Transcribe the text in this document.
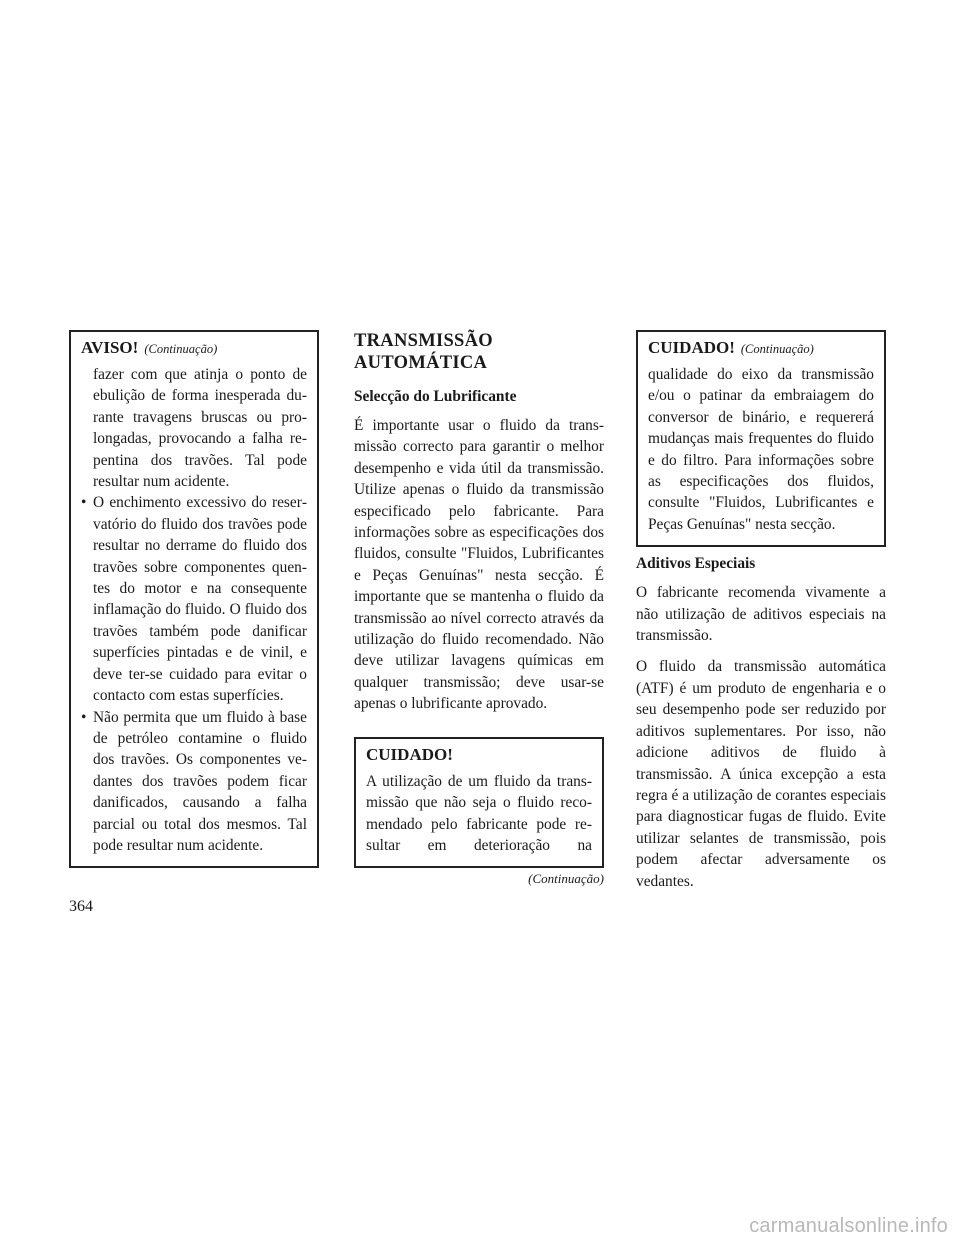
AVISO! (Continuação)

fazer com que atinja o ponto de ebulição de forma inesperada durante travagens bruscas ou prolongadas, provocando a falha repentina dos travões. Tal pode resultar num acidente.

• O enchimento excessivo do reservatório do fluido dos travões pode resultar no derrame do fluido dos travões sobre componentes quentes do motor e na consequente inflamação do fluido. O fluido dos travões também pode danificar superfícies pintadas e de vinil, e deve ter-se cuidado para evitar o contacto com estas superfícies.
• Não permita que um fluido à base de petróleo contamine o fluido dos travões. Os componentes vedantes dos travões podem ficar danificados, causando a falha parcial ou total dos mesmos. Tal pode resultar num acidente.
TRANSMISSÃO
AUTOMÁTICA
Selecção do Lubrificante

É importante usar o fluido da transmissão correcto para garantir o melhor desempenho e vida útil da transmissão. Utilize apenas o fluido da transmissão especificado pelo fabricante. Para informações sobre as especificações dos fluidos, consulte "Fluidos, Lubrificantes e Peças Genuínas" nesta secção. É importante que se mantenha o fluido da transmissão ao nível correcto através da utilização do fluido recomendado. Não deve utilizar lavagens químicas em qualquer transmissão; deve usar-se apenas o lubrificante aprovado.

CUIDADO!

A utilização de um fluido da transmissão que não seja o fluido recomendado pelo fabricante pode resultar em deterioração na

(Continuação)
CUIDADO! (Continuação)

qualidade do eixo da transmissão e/ou o patinar da embraiagem do conversor de binário, e requererá mudanças mais frequentes do fluido e do filtro. Para informações sobre as especificações dos fluidos, consulte "Fluidos, Lubrificantes e Peças Genuínas" nesta secção.

Aditivos Especiais

O fabricante recomenda vivamente a não utilização de aditivos especiais na transmissão.

O fluido da transmissão automática (ATF) é um produto de engenharia e o seu desempenho pode ser reduzido por aditivos suplementares. Por isso, não adicione aditivos de fluido à transmissão. A única excepção a esta regra é a utilização de corantes especiais para diagnosticar fugas de fluido. Evite utilizar selantes de transmissão, pois podem afectar adversamente os vedantes.

364
carmanualsonline.info
